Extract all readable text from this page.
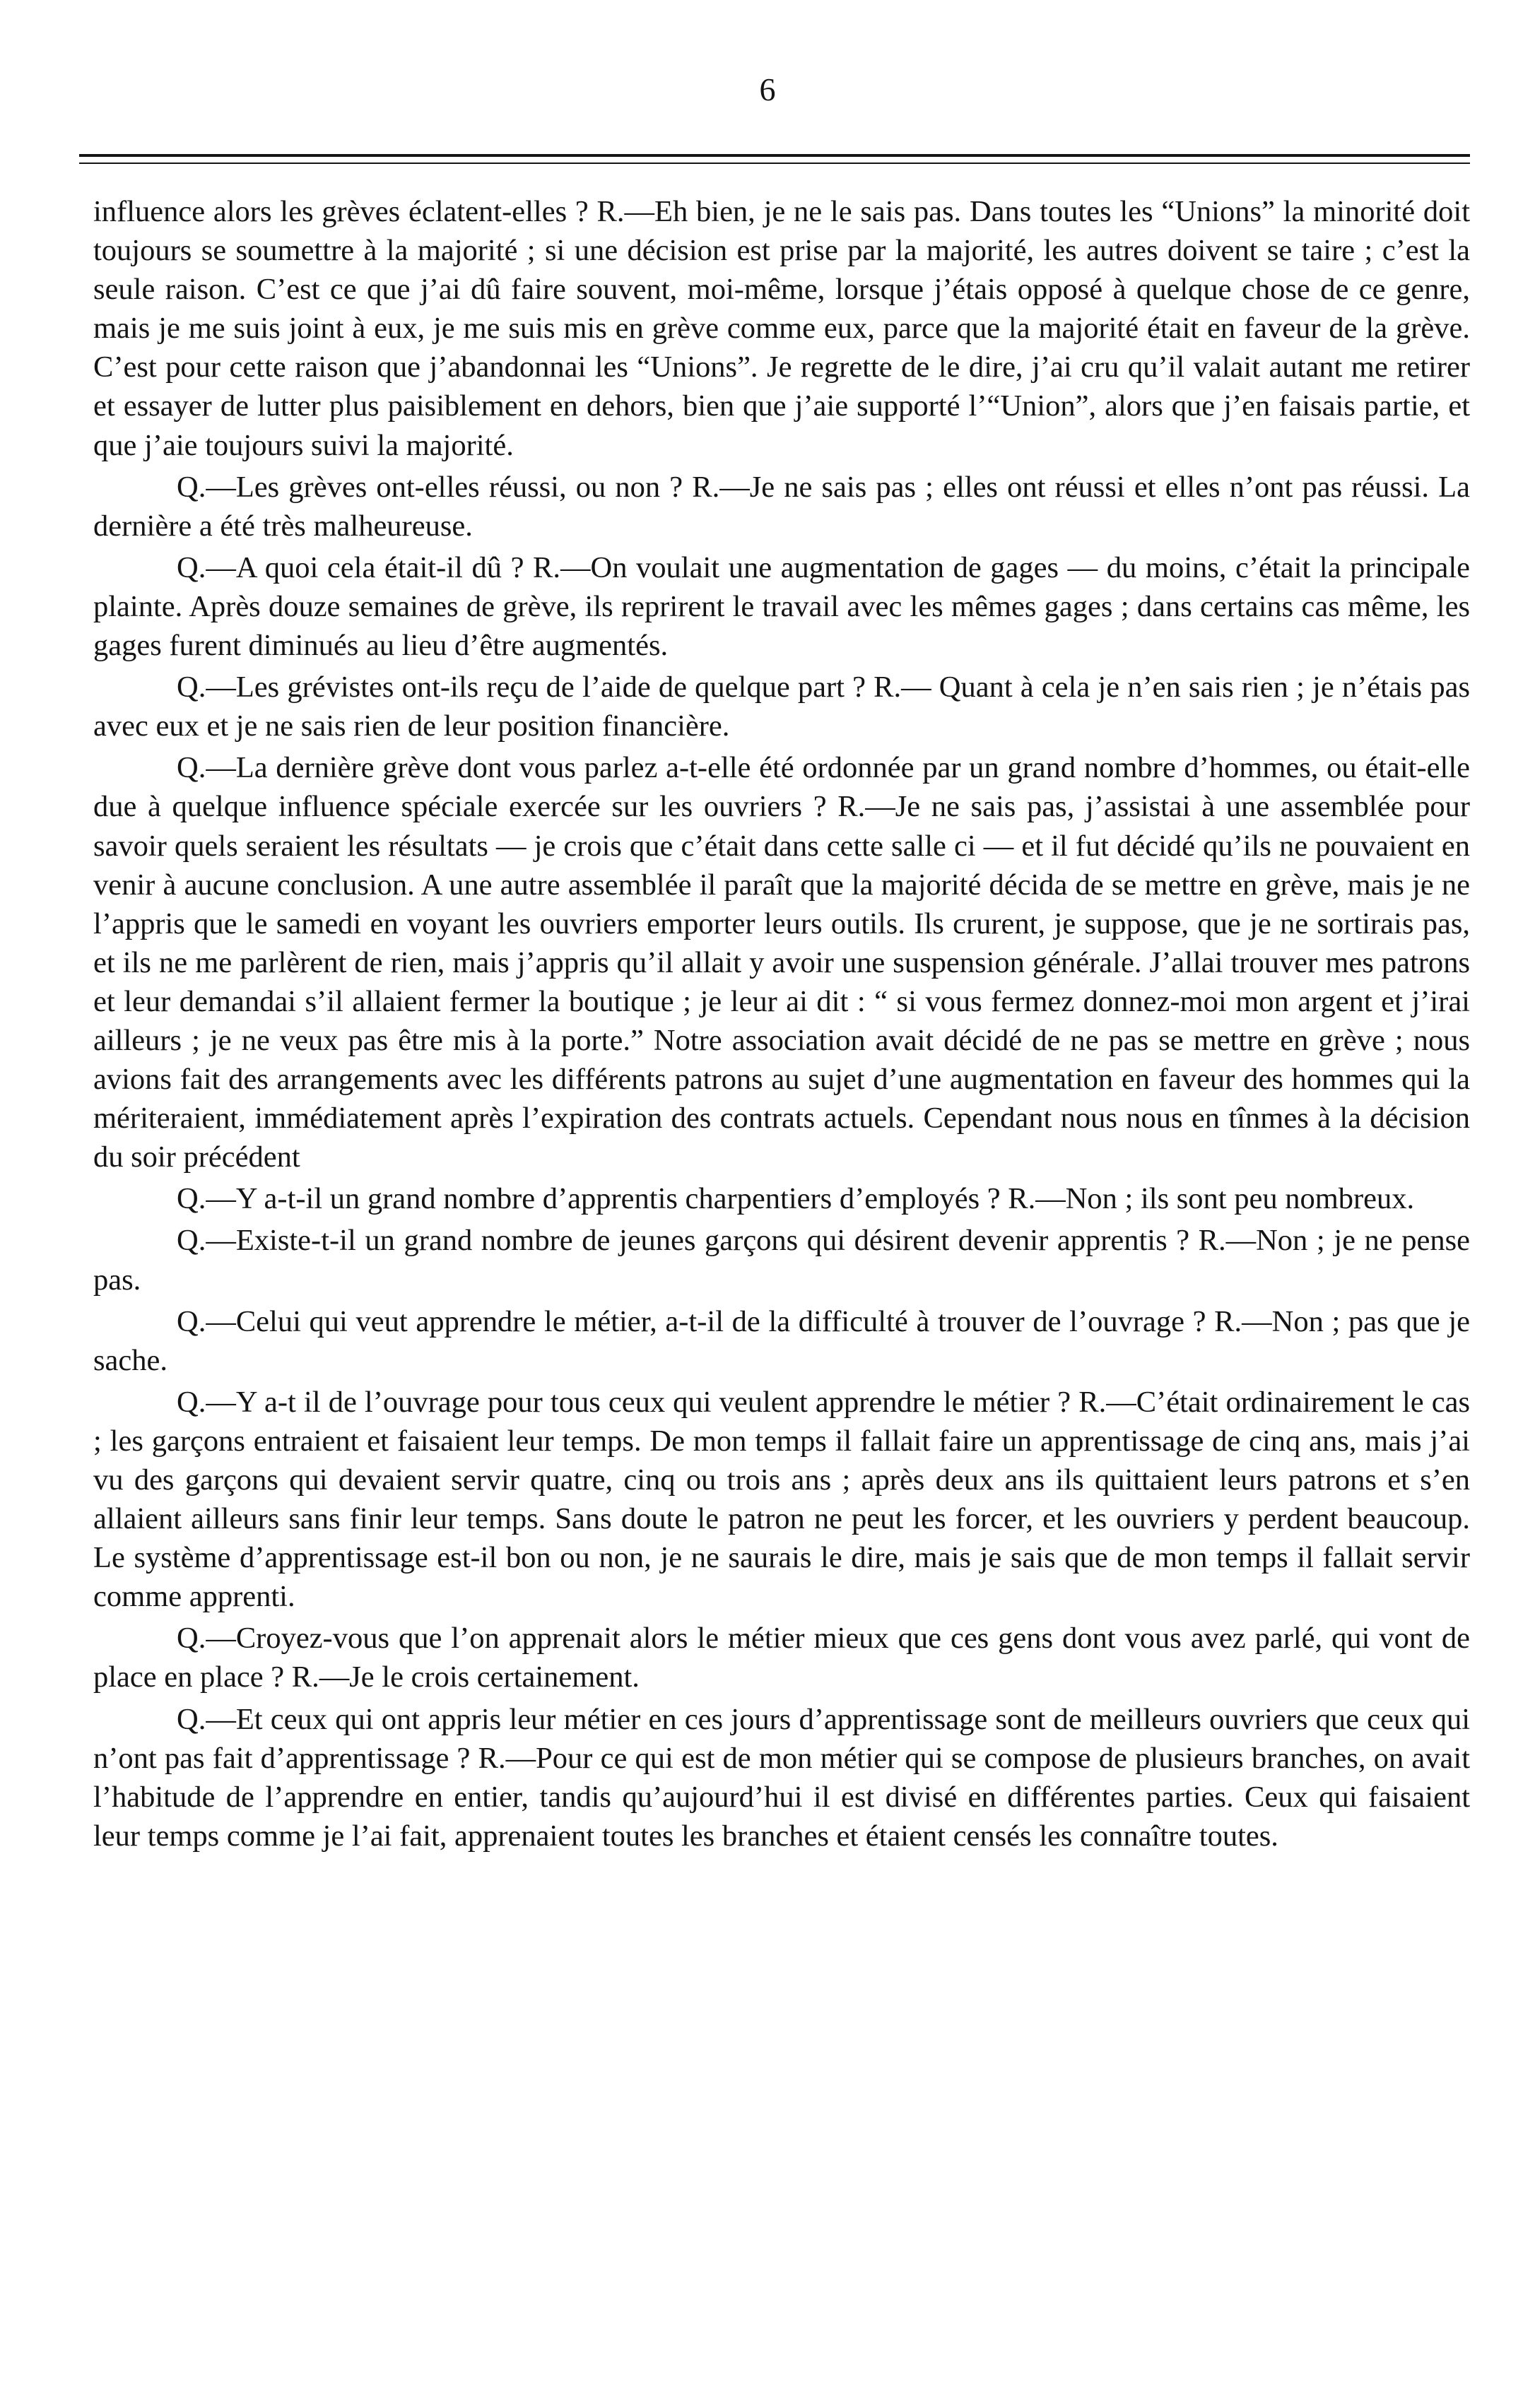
6

influence alors les grèves éclatent-elles ? R.—Eh bien, je ne le sais pas. Dans toutes les “Unions” la minorité doit toujours se soumettre à la majorité ; si une décision est prise par la majorité, les autres doivent se taire ; c’est la seule raison. C’est ce que j’ai dû faire souvent, moi-même, lorsque j’étais opposé à quelque chose de ce genre, mais je me suis joint à eux, je me suis mis en grève comme eux, parce que la majorité était en faveur de la grève. C’est pour cette raison que j’abandonnai les “Unions”. Je regrette de le dire, j’ai cru qu’il valait autant me retirer et essayer de lutter plus paisiblement en dehors, bien que j’aie supporté l’“Union”, alors que j’en faisais partie, et que j’aie toujours suivi la majorité.

Q.—Les grèves ont-elles réussi, ou non ? R.—Je ne sais pas ; elles ont réussi et elles n’ont pas réussi. La dernière a été très malheureuse.

Q.—A quoi cela était-il dû ? R.—On voulait une augmentation de gages — du moins, c’était la principale plainte. Après douze semaines de grève, ils reprirent le travail avec les mêmes gages ; dans certains cas même, les gages furent diminués au lieu d’être augmentés.

Q.—Les grévistes ont-ils reçu de l’aide de quelque part ? R.— Quant à cela je n’en sais rien ; je n’étais pas avec eux et je ne sais rien de leur position financière.

Q.—La dernière grève dont vous parlez a-t-elle été ordonnée par un grand nombre d’hommes, ou était-elle due à quelque influence spéciale exercée sur les ouvriers ? R.—Je ne sais pas, j’assistai à une assemblée pour savoir quels seraient les résultats — je crois que c’était dans cette salle ci — et il fut décidé qu’ils ne pouvaient en venir à aucune conclusion. A une autre assemblée il paraît que la majorité décida de se mettre en grève, mais je ne l’appris que le samedi en voyant les ouvriers emporter leurs outils. Ils crurent, je suppose, que je ne sortirais pas, et ils ne me parlèrent de rien, mais j’appris qu’il allait y avoir une suspension générale. J’allai trouver mes patrons et leur demandai s’il allaient fermer la boutique ; je leur ai dit : “ si vous fermez donnez-moi mon argent et j’irai ailleurs ; je ne veux pas être mis à la porte.” Notre association avait décidé de ne pas se mettre en grève ; nous avions fait des arrangements avec les différents patrons au sujet d’une augmentation en faveur des hommes qui la mériteraient, immédiatement après l’expiration des contrats actuels. Cependant nous nous en tînmes à la décision du soir précédent

Q.—Y a-t-il un grand nombre d’apprentis charpentiers d’employés ? R.—Non ; ils sont peu nombreux.

Q.—Existe-t-il un grand nombre de jeunes garçons qui désirent devenir apprentis ? R.—Non ; je ne pense pas.

Q.—Celui qui veut apprendre le métier, a-t-il de la difficulté à trouver de l’ouvrage ? R.—Non ; pas que je sache.

Q.—Y a-t il de l’ouvrage pour tous ceux qui veulent apprendre le métier ? R.—C’était ordinairement le cas ; les garçons entraient et faisaient leur temps. De mon temps il fallait faire un apprentissage de cinq ans, mais j’ai vu des garçons qui devaient servir quatre, cinq ou trois ans ; après deux ans ils quittaient leurs patrons et s’en allaient ailleurs sans finir leur temps. Sans doute le patron ne peut les forcer, et les ouvriers y perdent beaucoup. Le système d’apprentissage est-il bon ou non, je ne saurais le dire, mais je sais que de mon temps il fallait servir comme apprenti.

Q.—Croyez-vous que l’on apprenait alors le métier mieux que ces gens dont vous avez parlé, qui vont de place en place ? R.—Je le crois certainement.

Q.—Et ceux qui ont appris leur métier en ces jours d’apprentissage sont de meilleurs ouvriers que ceux qui n’ont pas fait d’apprentissage ? R.—Pour ce qui est de mon métier qui se compose de plusieurs branches, on avait l’habitude de l’apprendre en entier, tandis qu’aujourd’hui il est divisé en différentes parties. Ceux qui faisaient leur temps comme je l’ai fait, apprenaient toutes les branches et étaient censés les connaître toutes.
